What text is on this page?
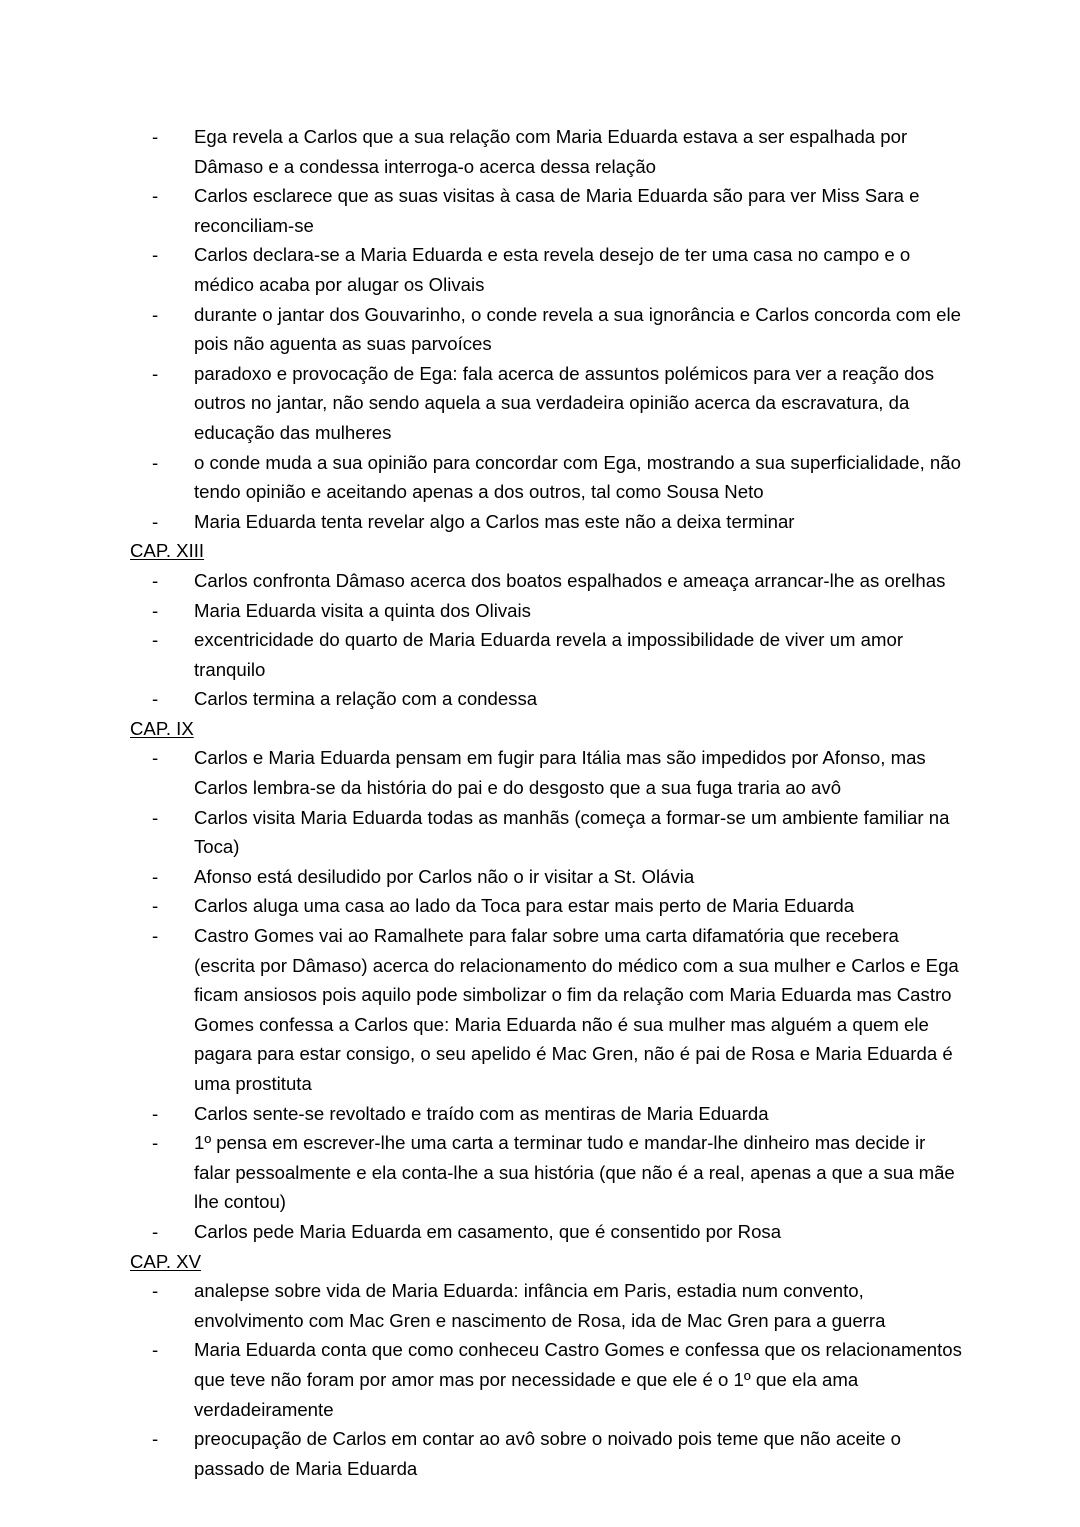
- Ega revela a Carlos que a sua relação com Maria Eduarda estava a ser espalhada por Dâmaso e a condessa interroga-o acerca dessa relação
- Carlos esclarece que as suas visitas à casa de Maria Eduarda são para ver Miss Sara e reconciliam-se
- Carlos declara-se a Maria Eduarda e esta revela desejo de ter uma casa no campo e o médico acaba por alugar os Olivais
- durante o jantar dos Gouvarinho, o conde revela a sua ignorância e Carlos concorda com ele pois não aguenta as suas parvoíces
- paradoxo e provocação de Ega: fala acerca de assuntos polémicos para ver a reação dos outros no jantar, não sendo aquela a sua verdadeira opinião acerca da escravatura, da educação das mulheres
- o conde muda a sua opinião para concordar com Ega, mostrando a sua superficialidade, não tendo opinião e aceitando apenas a dos outros, tal como Sousa Neto
- Maria Eduarda tenta revelar algo a Carlos mas este não a deixa terminar

CAP. XIII

- Carlos confronta Dâmaso acerca dos boatos espalhados e ameaça arrancar-lhe as orelhas
- Maria Eduarda visita a quinta dos Olivais
- excentricidade do quarto de Maria Eduarda revela a impossibilidade de viver um amor tranquilo
- Carlos termina a relação com a condessa

CAP. IX

- Carlos e Maria Eduarda pensam em fugir para Itália mas são impedidos por Afonso, mas Carlos lembra-se da história do pai e do desgosto que a sua fuga traria ao avô
- Carlos visita Maria Eduarda todas as manhãs (começa a formar-se um ambiente familiar na Toca)
- Afonso está desiludido por Carlos não o ir visitar a St. Olávia
- Carlos aluga uma casa ao lado da Toca para estar mais perto de Maria Eduarda
- Castro Gomes vai ao Ramalhete para falar sobre uma carta difamatória que recebera (escrita por Dâmaso) acerca do relacionamento do médico com a sua mulher e Carlos e Ega ficam ansiosos pois aquilo pode simbolizar o fim da relação com Maria Eduarda mas Castro Gomes confessa a Carlos que: Maria Eduarda não é sua mulher mas alguém a quem ele pagara para estar consigo, o seu apelido é Mac Gren, não é pai de Rosa e Maria Eduarda é uma prostituta
- Carlos sente-se revoltado e traído com as mentiras de Maria Eduarda
- 1º pensa em escrever-lhe uma carta a terminar tudo e mandar-lhe dinheiro mas decide ir falar pessoalmente e ela conta-lhe a sua história (que não é a real, apenas a que a sua mãe lhe contou)
- Carlos pede Maria Eduarda em casamento, que é consentido por Rosa

CAP. XV

- analepse sobre vida de Maria Eduarda: infância em Paris, estadia num convento, envolvimento com Mac Gren e nascimento de Rosa, ida de Mac Gren para a guerra
- Maria Eduarda conta que como conheceu Castro Gomes e confessa que os relacionamentos que teve não foram por amor mas por necessidade e que ele é o 1º que ela ama verdadeiramente
- preocupação de Carlos em contar ao avô sobre o noivado pois teme que não aceite o passado de Maria Eduarda
